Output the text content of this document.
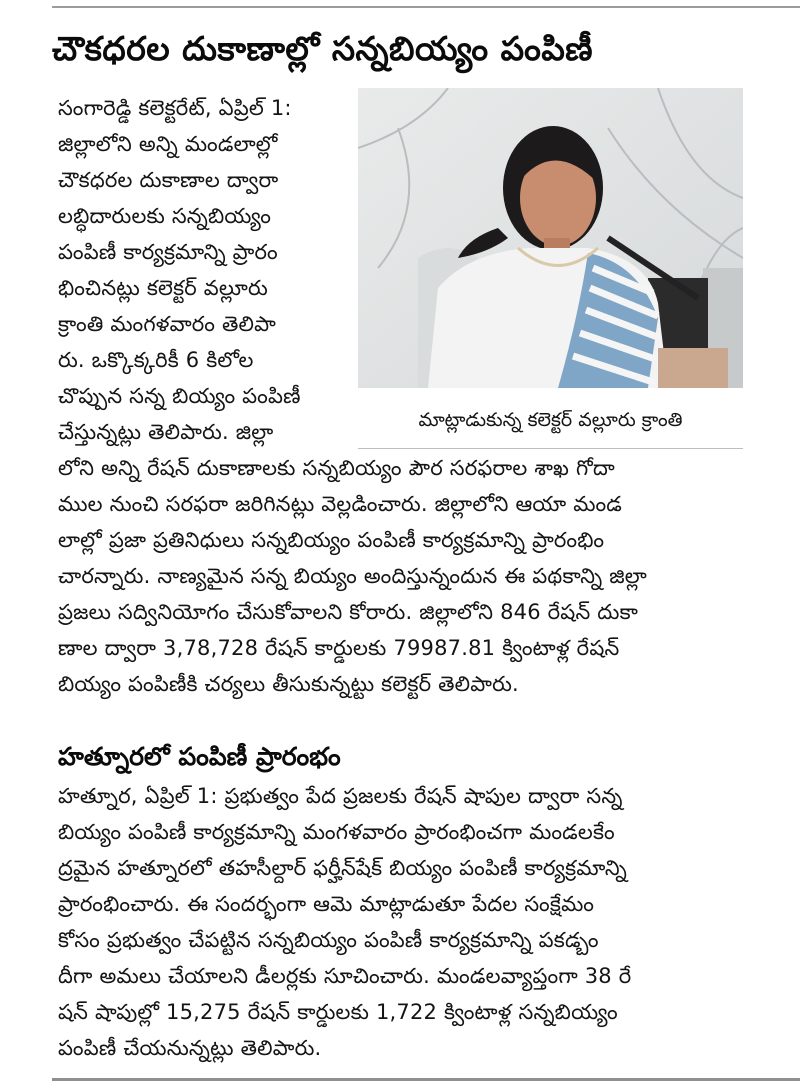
చౌకధరల దుకాణాల్లో సన్నబియ్యం పంపిణీ
మాట్లాడుకున్న కలెక్టర్ వల్లూరు క్రాంతి
సంగారెడ్డి కలెక్టరేట్, ఏప్రిల్ 1:
జిల్లాలోని అన్ని మండలాల్లో
చౌకధరల దుకాణాల ద్వారా
లబ్ధిదారులకు సన్నబియ్యం
పంపిణీ కార్యక్రమాన్ని ప్రారం
భించినట్లు కలెక్టర్ వల్లూరు
క్రాంతి మంగళవారం తెలిపా
రు. ఒక్కొక్కరికీ 6 కిలోల
చొప్పున సన్న బియ్యం పంపిణీ
చేస్తున్నట్లు తెలిపారు. జిల్లా
లోని అన్ని రేషన్ దుకాణాలకు సన్నబియ్యం పౌర సరఫరాల శాఖ గోదా
ముల నుంచి సరఫరా జరిగినట్లు వెల్లడించారు. జిల్లాలోని ఆయా మండ
లాల్లో ప్రజా ప్రతినిధులు సన్నబియ్యం పంపిణీ కార్యక్రమాన్ని ప్రారంభిం
చారన్నారు. నాణ్యమైన సన్న బియ్యం అందిస్తున్నందున ఈ పథకాన్ని జిల్లా
ప్రజలు సద్వినియోగం చేసుకోవాలని కోరారు. జిల్లాలోని 846 రేషన్ దుకా
ణాల ద్వారా 3,78,728 రేషన్ కార్డులకు 79987.81 క్వింటాళ్ల రేషన్
బియ్యం పంపిణీకి చర్యలు తీసుకున్నట్టు కలెక్టర్ తెలిపారు.
హత్నూరలో పంపిణీ ప్రారంభం
హత్నూర, ఏప్రిల్ 1: ప్రభుత్వం పేద ప్రజలకు రేషన్ షాపుల ద్వారా సన్న
బియ్యం పంపిణీ కార్యక్రమాన్ని మంగళవారం ప్రారంభించగా మండలకేం
ద్రమైన హత్నూరలో తహసీల్దార్ ఫర్హీన్‌షేక్ బియ్యం పంపిణీ కార్యక్రమాన్ని
ప్రారంభించారు. ఈ సందర్భంగా ఆమె మాట్లాడుతూ పేదల సంక్షేమం
కోసం ప్రభుత్వం చేపట్టిన సన్నబియ్యం పంపిణీ కార్యక్రమాన్ని పకడ్బం
దీగా అమలు చేయాలని డీలర్లకు సూచించారు. మండలవ్యాప్తంగా 38 రే
షన్ షాపుల్లో 15,275 రేషన్ కార్డులకు 1,722 క్వింటాళ్ల సన్నబియ్యం
పంపిణీ చేయనున్నట్లు తెలిపారు.
